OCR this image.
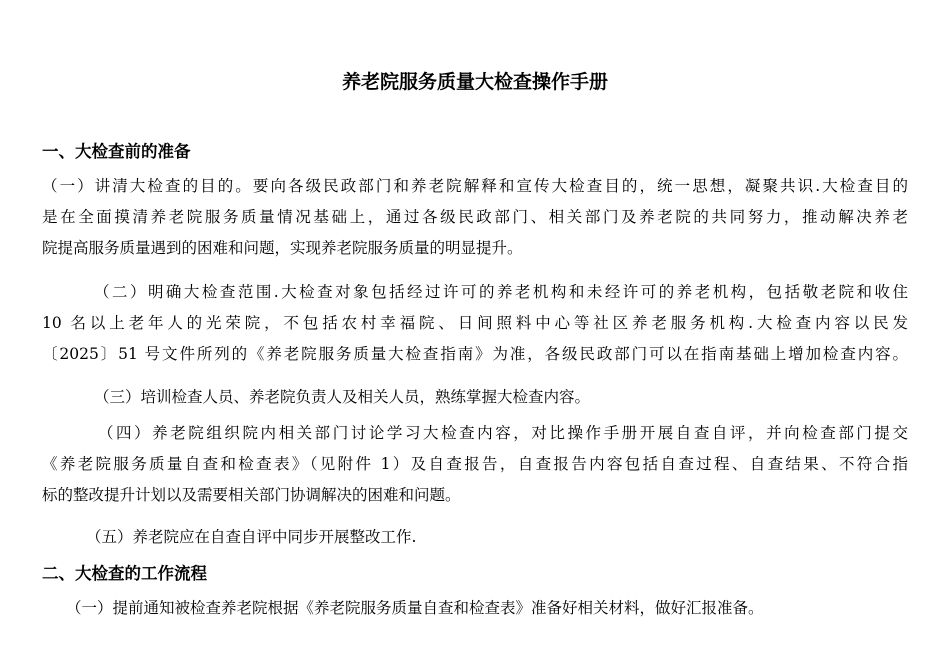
养老院服务质量大检查操作手册
一、大检查前的准备

（一）讲清大检查的目的。要向各级民政部门和养老院解释和宣传大检查目的，统一思想，凝聚共识.大检查目的
是在全面摸清养老院服务质量情况基础上，通过各级民政部门、相关部门及养老院的共同努力，推动解决养老
院提高服务质量遇到的困难和问题，实现养老院服务质量的明显提升。

（二）明确大检查范围.大检查对象包括经过许可的养老机构和未经许可的养老机构，包括敬老院和收住
10 名以上老年人的光荣院，不包括农村幸福院、日间照料中心等社区养老服务机构.大检查内容以民发
〔2025〕51 号文件所列的《养老院服务质量大检查指南》为准，各级民政部门可以在指南基础上增加检查内容。

（三）培训检查人员、养老院负责人及相关人员，熟练掌握大检查内容。

（四）养老院组织院内相关部门讨论学习大检查内容，对比操作手册开展自查自评，并向检查部门提交
《养老院服务质量自查和检查表》（见附件 1）及自查报告，自查报告内容包括自查过程、自查结果、不符合指
标的整改提升计划以及需要相关部门协调解决的困难和问题。

（五）养老院应在自查自评中同步开展整改工作.

二、大检查的工作流程

（一）提前通知被检查养老院根据《养老院服务质量自查和检查表》准备好相关材料，做好汇报准备。
